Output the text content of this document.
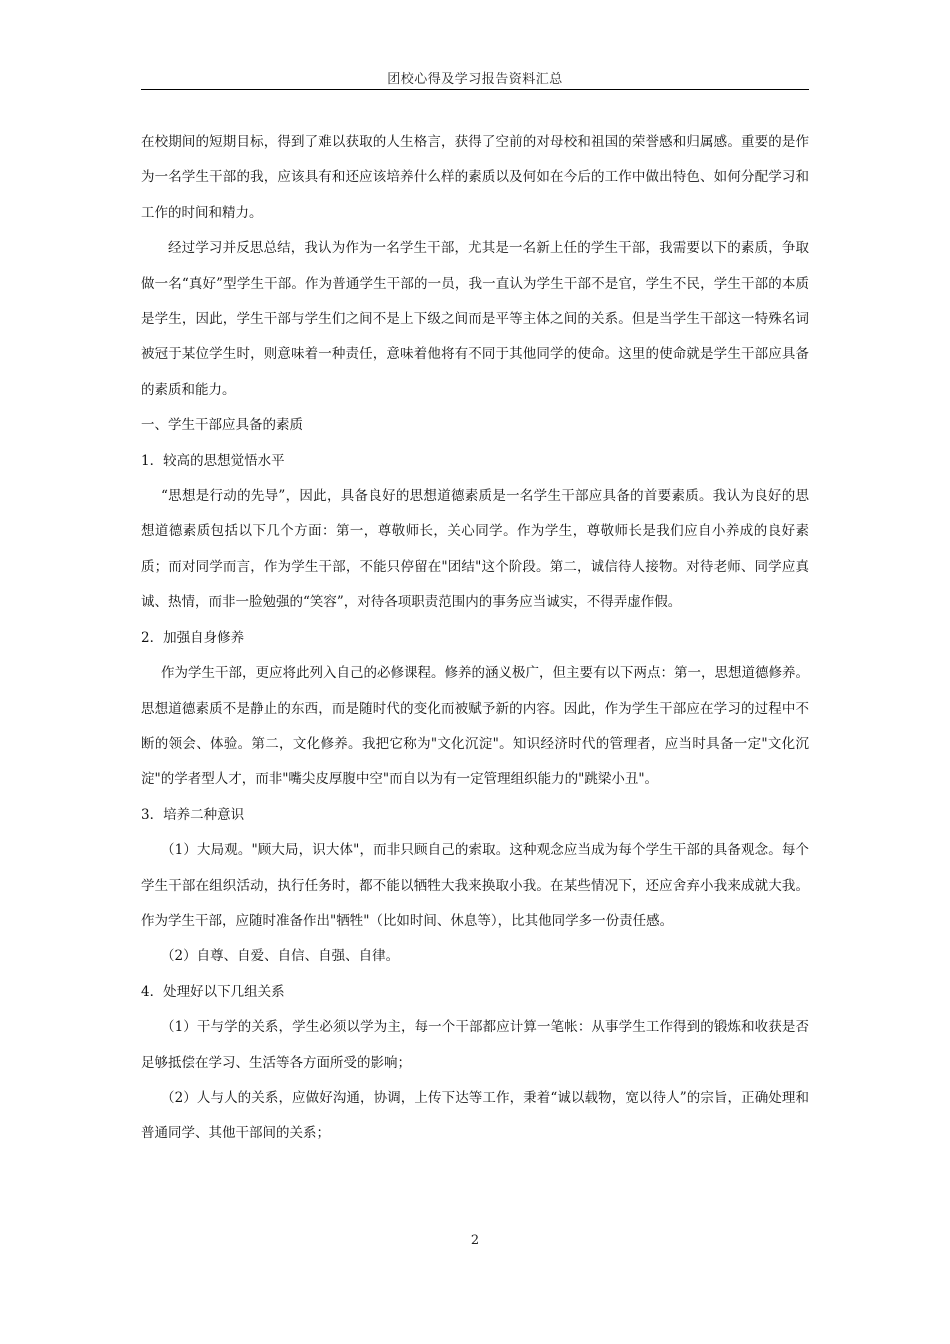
团校心得及学习报告资料汇总

在校期间的短期目标，得到了难以获取的人生格言，获得了空前的对母校和祖国的荣誉感和归属感。重要的是作为一名学生干部的我，应该具有和还应该培养什么样的素质以及何如在今后的工作中做出特色、如何分配学习和工作的时间和精力。

经过学习并反思总结，我认为作为一名学生干部，尤其是一名新上任的学生干部，我需要以下的素质，争取做一名“真好”型学生干部。作为普通学生干部的一员，我一直认为学生干部不是官，学生不民，学生干部的本质是学生，因此，学生干部与学生们之间不是上下级之间而是平等主体之间的关系。但是当学生干部这一特殊名词被冠于某位学生时，则意味着一种责任，意味着他将有不同于其他同学的使命。这里的使命就是学生干部应具备的素质和能力。

一、学生干部应具备的素质

1．较高的思想觉悟水平

“思想是行动的先导”，因此，具备良好的思想道德素质是一名学生干部应具备的首要素质。我认为良好的思想道德素质包括以下几个方面：第一，尊敬师长，关心同学。作为学生，尊敬师长是我们应自小养成的良好素质；而对同学而言，作为学生干部，不能只停留在"团结"这个阶段。第二，诚信待人接物。对待老师、同学应真诚、热情，而非一脸勉强的“笑容”，对待各项职责范围内的事务应当诚实，不得弄虚作假。

2．加强自身修养

作为学生干部，更应将此列入自己的必修课程。修养的涵义极广，但主要有以下两点：第一，思想道德修养。思想道德素质不是静止的东西，而是随时代的变化而被赋予新的内容。因此，作为学生干部应在学习的过程中不断的领会、体验。第二，文化修养。我把它称为"文化沉淀"。知识经济时代的管理者，应当时具备一定"文化沉淀"的学者型人才，而非"嘴尖皮厚腹中空"而自以为有一定管理组织能力的"跳梁小丑"。

3．培养二种意识

（1）大局观。"顾大局，识大体"，而非只顾自己的索取。这种观念应当成为每个学生干部的具备观念。每个学生干部在组织活动，执行任务时，都不能以牺牲大我来换取小我。在某些情况下，还应舍弃小我来成就大我。作为学生干部，应随时准备作出"牺牲"（比如时间、休息等），比其他同学多一份责任感。

（2）自尊、自爱、自信、自强、自律。

4．处理好以下几组关系

（1）干与学的关系，学生必须以学为主，每一个干部都应计算一笔帐：从事学生工作得到的锻炼和收获是否足够抵偿在学习、生活等各方面所受的影响；

（2）人与人的关系，应做好沟通，协调，上传下达等工作，秉着“诚以载物，宽以待人”的宗旨，正确处理和普通同学、其他干部间的关系；

2
